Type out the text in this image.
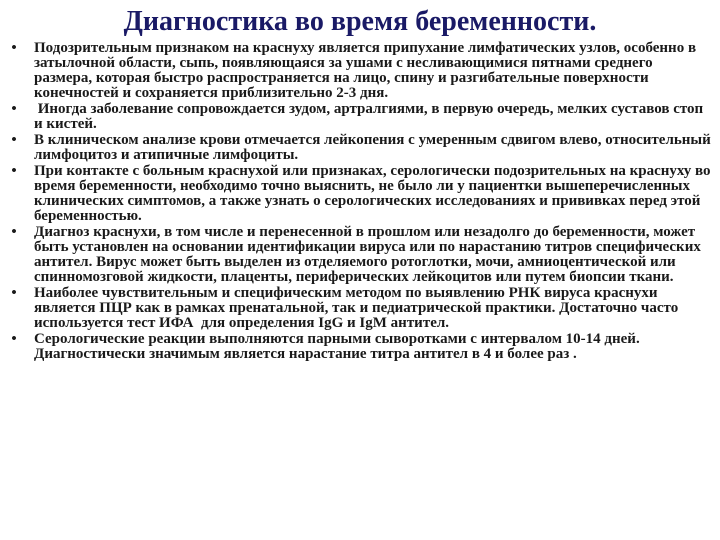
Диагностика во время беременности.
• Подозрительным признаком на краснуху является припухание лимфатических узлов, особенно в затылочной области, сыпь, появляющаяся за ушами с несливающимися пятнами среднего размера, которая быстро распространяется на лицо, спину и разгибательные поверхности конечностей и сохраняется приблизительно 2-3 дня.
• Иногда заболевание сопровождается зудом, артралгиями, в первую очередь, мелких суставов стоп и кистей.
• В клиническом анализе крови отмечается лейкопения с умеренным сдвигом влево, относительный лимфоцитоз и атипичные лимфоциты.
• При контакте с больным краснухой или признаках, серологически подозрительных на краснуху во время беременности, необходимо точно выяснить, не было ли у пациентки вышеперечисленных клинических симптомов, а также узнать о серологических исследованиях и прививках перед этой беременностью.
• Диагноз краснухи, в том числе и перенесенной в прошлом или незадолго до беременности, может быть установлен на основании идентификации вируса или по нарастанию титров специфических антител. Вирус может быть выделен из отделяемого ротоглотки, мочи, амниоцентической или спинномозговой жидкости, плаценты, периферических лейкоцитов или путем биопсии ткани.
• Наиболее чувствительным и специфическим методом по выявлению РНК вируса краснухи является ПЦР как в рамках пренатальной, так и педиатрической практики. Достаточно часто используется тест ИФА  для определения IgG и IgM антител.
• Серологические реакции выполняются парными сыворотками с интервалом 10-14 дней. Диагностически значимым является нарастание титра антител в 4 и более раз .
